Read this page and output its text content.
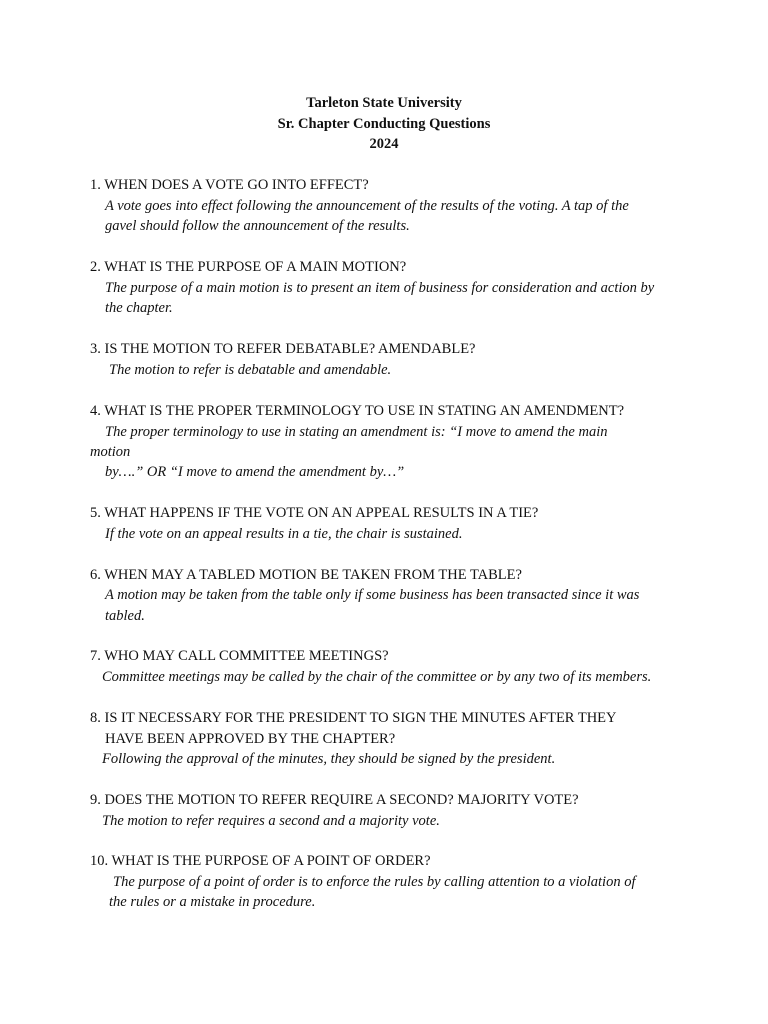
Tarleton State University
Sr. Chapter Conducting Questions
2024
1. WHEN DOES A VOTE GO INTO EFFECT?
A vote goes into effect following the announcement of the results of the voting. A tap of the
gavel should follow the announcement of the results.
2. WHAT IS THE PURPOSE OF A MAIN MOTION?
The purpose of a main motion is to present an item of business for consideration and action by
the chapter.
3. IS THE MOTION TO REFER DEBATABLE? AMENDABLE?
The motion to refer is debatable and amendable.
4. WHAT IS THE PROPER TERMINOLOGY TO USE IN STATING AN AMENDMENT?
The proper terminology to use in stating an amendment is: “I move to amend the main
motion
by….” OR “I move to amend the amendment by…”
5. WHAT HAPPENS IF THE VOTE ON AN APPEAL RESULTS IN A TIE?
If the vote on an appeal results in a tie, the chair is sustained.
6. WHEN MAY A TABLED MOTION BE TAKEN FROM THE TABLE?
A motion may be taken from the table only if some business has been transacted since it was
tabled.
7. WHO MAY CALL COMMITTEE MEETINGS?
Committee meetings may be called by the chair of the committee or by any two of its members.
8. IS IT NECESSARY FOR THE PRESIDENT TO SIGN THE MINUTES AFTER THEY
HAVE BEEN APPROVED BY THE CHAPTER?
Following the approval of the minutes, they should be signed by the president.
9. DOES THE MOTION TO REFER REQUIRE A SECOND? MAJORITY VOTE?
The motion to refer requires a second and a majority vote.
10. WHAT IS THE PURPOSE OF A POINT OF ORDER?
The purpose of a point of order is to enforce the rules by calling attention to a violation of
the rules or a mistake in procedure.
